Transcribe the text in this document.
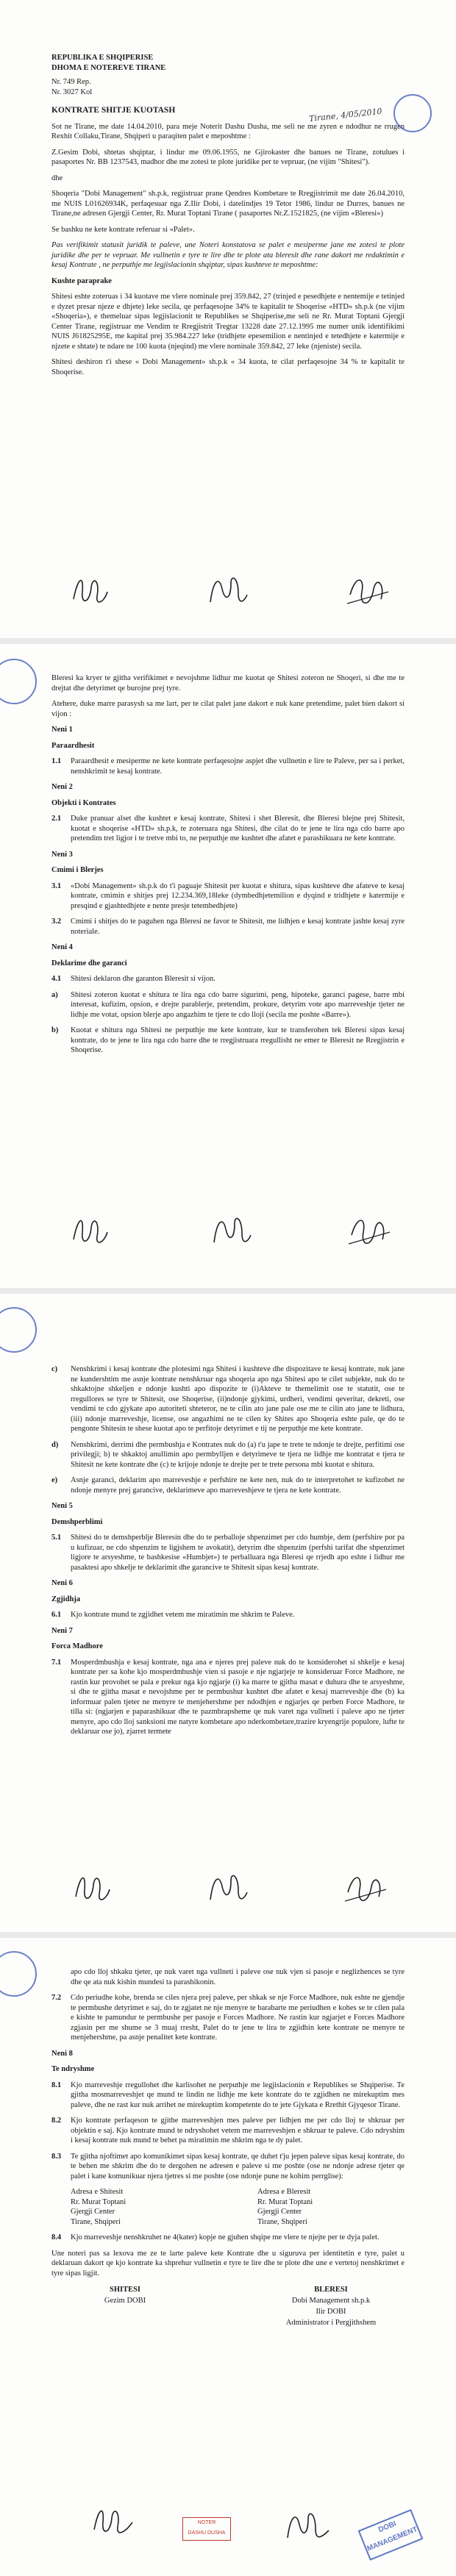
REPUBLIKA E SHQIPERISE
DHOMA E NOTEREVE TIRANE
Nr. 749 Rep.
Nr. 3027 Kol

KONTRATE SHITJE KUOTASH

Sot ne Tirane, me date 14.04.2010, para meje Noterit Dashu Dusha, me seli ne me zyren e ndodhur ne rrugen Rexhit Collaku,Tirane, Shqiperi u paraqiten palet e meposhtme :

Z.Gesim Dobi, shtetas shqiptar, i lindur me 09.06.1955, ne Gjirokaster dhe banues ne Tirane, zotulues i pasaportes Nr. BB 1237543, madhor dhe me zotesi te plote juridike per te vepruar, (ne vijim "Shitesi").

dhe

Shoqeria "Dobi Management" sh.p.k, regjistruar prane Qendres Kombetare te Rregjistrimit me date 26.04.2010, me NUIS L01626934K, perfaqesuar nga Z.Ilir Dobi, i datelindjes 19 Tetor 1986, lindur ne Durres, banues ne Tirane,ne adresen Gjergji Center, Rr. Murat Toptani Tirane ( pasaportes Nr.Z.1521825, (ne vijim «Bleresi»)

Se bashku ne kete kontrate referuar si «Palet».

Pas verifikimit statusit juridik te paleve, une Noteri konstatova se palet e mesiperme jane me zotesi te plote juridike dhe per te vepruar. Me vullnetin e tyre te lire dhe te plote ata bleresit dhe rane dakort me redaktimin e kesaj Kontrate , ne perputhje me legjislacionin shqiptar, sipas kushteve te meposhtme:

Kushte paraprake

Shitesi eshte zoteruas i 34 kuotave me vlere nominale prej 359.842, 27 (trinjed e pesedhjete e nentemije e tetinjed e dyzet presar njeze e dhjete) leke secila, qe perfaqesojne 34% te kapitalit te Shoqerise «HTD» sh.p.k (ne vijim «Shoqeria»), e themeluar sipas legjislacionit te Republikes se Shqiperise,me seli ne Rr. Murat Toptani Gjergji Center Tirane, regjistruar me Vendim te Rregjistrit Tregtar 13228 date 27.12.1995 me numer unik identifikimi NUIS J61825295E, me kapital prej 35.984.227 leke (tridhjete epesemilion e nentinjed e tetedhjete e katermije e njzete e shtate) te ndare ne 100 kuota (njeqind) me vlere nominale 359.842, 27 leke (njeniste) secila.

Shitesi deshiron t'i shese « Dobi Management» sh.p.k « 34 kuota, te cilat perfaqesojne 34 % te kapitalit te Shoqerise.

Tirane, 4/05/2010

Bleresi ka kryer te gjitha verifikimet e nevojshme lidhur me kuotat qe Shitesi zoteron ne Shoqeri, si dhe me te drejtat dhe detyrimet qe burojne prej tyre.

Atehere, duke marre parasysh sa me lart, per te cilat palet jane dakort e nuk kane pretendime, palet bien dakort si vijon :

Neni 1

Paraardhesit

1.1 Paraardhesit e mesiperme ne kete kontrate perfaqesojne aspjet dhe vullnetin e lire te Paleve, per sa i perket, nenshkrimit te kesaj kontrate.

Neni 2

Objekti i Kontrates

2.1 Duke pranuar alset dhe kushtet e kesaj kontrate, Shitesi i shet Bleresit, dhe Bleresi blejne prej Shitesit, kuotat e shoqerise «HTD» sh.p.k, te zoteruara nga Shitesi, dhe cilat do te jene te lira nga cdo barre apo pretendim tret ligjor i te tretve mbi to, ne perputhje me kushtet dhe afatet e parashikuara ne kete kontrate.

Neni 3

Cmimi i Blerjes

3.1 «Dobi Management» sh.p.k do t'i paguaje Shitesit per kuotat e shitura, sipas kushteve dhe afateve te kesaj kontrate, cmimin e shitjes prej 12.234.369,18leke (dymbedhjetemilion e dyqind e tridhjete e katermije e presqind e gjashtedhjete e nente presje tetembedhjete)
3.2 Cmimi i shitjes do te paguhen nga Bleresi ne favor te Shitesit, me lidhjen e kesaj kontrate jashte kesaj zyre noteriale.

Neni 4

Deklarime dhe garanci

4.1 Shitesi deklaron dhe garanton Bleresit si vijon.
a) Shitesi zoteron kuotat e shitura te lira nga cdo barre sigurimi, peng, hipoteke, garanci pagese, barre mbi interesat, kufizim, opsion, e drejte parablerje, pretendim, prokure, detyrim vote apo marreveshje tjeter ne lidhje me votat, opsion blerje apo angazhim te tjere te cdo lloji (secila me poshte «Barre»).
b) Kuotat e shitura nga Shitesi ne perputhje me kete kontrate, kur te transferohen tek Bleresi sipas kesaj kontrate, do te jene te lira nga cdo barre dhe te rregjistruara rregullisht ne emer te Bleresit ne Rregjistrin e Shoqerise.
c) Nenshkrimi i kesaj kontrate dhe plotesimi nga Shitesi i kushteve dhe dispozitave te kesaj kontrate, nuk jane ne kundershtim me asnje kontrate nenshkruar nga shoqeria apo nga Shitesi apo te cilet subjekte, nuk do te shkaktojne shkeljen e ndonje kushti apo dispozite te (i)Akteve te themelimit ose te statutit, ose te rregullores se tyre te Shitesit, ose Shoqerise, (ii)ndonje gjykimi, urdheri, vendimi qeveritar, dekreti, ose vendimi te cdo gjykate apo autoriteti shteteror, ne te cilin ato jane pale ose me te cilin ato jane te lidhura, (iii) ndonje marreveshje, license, ose angazhimi ne te cilen ky Shites apo Shoqeria eshte pale, qe do te pengonte Shitesin te shese kuotat apo te perfitoje detyrimet e tij ne perputhje me kete kontrate.
d) Nenshkrimi, derrimi dhe permbushja e Kontrates nuk do (a) t'u jape te trete te ndonje te drejte, perfitimi ose privilegji; b) te shkaktoj anullimin apo permbylljen e detyrimeve te tjera ne lidhje me kontratat e tjera te Shitesit ne kete kontrate dhe (c) te krijoje ndonje te drejte per te trete persona mbi kuotat e shitura.
e) Asnje garanci, deklarim apo marreveshje e perfshire ne kete nen, nuk do te interpretohet te kufizohet ne ndonje menyre prej garancive, deklarimeve apo marreveshjeve te tjera ne kete kontrate.

Neni 5

Demshperblimi

5.1 Shitesi do te demshperblje Bleresin dhe do te perballoje shpenzimet per cdo humbje, dem (perfshire por pa u kufizuar, ne cdo shpenzim te ligjshem te avokatit), detyrim dhe shpenzim (perfshi tarifat dhe shpenzimet ligjore te arsyeshme, te bashkesise «Humbjet») te perballuara nga Bleresi qe rrjedh apo eshte i lidhur me pasaktesi apo shkelje te deklarimit dhe garancive te Shitesit sipas kesaj kontrate.

Neni 6

Zgjidhja

6.1 Kjo kontrate mund te zgjidhet vetem me miratimin me shkrim te Paleve.

Neni 7

Forca Madhore

7.1 Mosperdmbushja e kesaj kontrate, nga ana e njeres prej paleve nuk do te konsiderohet si shkelje e kesaj kontrate per sa kohe kjo mosperdmbushje vien si pasoje e nje ngjarjeje te konsideruar Force Madhore, ne rastin kur provohet se pala e prekur nga kjo ngjarje (i) ka marre te gjitha masat e duhura dhe te arsyeshme, si dhe te gjitha masat e nevojshme per te permbushur kushtet dhe afatet e kesaj marreveshje dhe (b) ka informuar palen tjeter ne menyre te menjehershme per ndodhjen e ngjarjes qe perben Force Madhore, te tilla si: (ngjarjen e paparashikuar dhe te pazmbrapsheme qe nuk varet nga vullneti i paleve apo ne tjeter menyre, apo cdo lloj sanksioni me natyre kombetare apo nderkombetare,trazire kryengrije populore, lufte te deklaruar ose jo), zjarret termete
apo cdo lloj shkaku tjeter, qe nuk varet nga vullneti i paleve ose nuk vjen si pasoje e neglizhences se tyre dhe qe ata nuk kishin mundesi ta parashikonin.
7.2 Cdo periudhe kohe, brenda se ciles njera prej paleve, per shkak se nje Force Madhore, nuk eshte ne gjendje te permbushe detyrimet e saj, do te zgjatet ne nje menyre te barabarte me periudhen e kohes se te cilen pala e kishte te pamundur te permbushe per pasoje e Forces Madhore. Ne rastin kur ngjarjet e Forces Madhore zgjasin per me shume se 3 muaj rresht, Palet do te jene te lira te zgjidhin kete kontrate ne menyre te menjehershme, pa asnje penalitet kete kontrate.

Neni 8

Te ndryshme

8.1 Kjo marreveshje rregullohet dhe karlisohet ne perputhje me legjislacionin e Republikes se Shqiperise. Te gjitha mosmarreveshjet qe mund te lindin ne lidhje me kete kontrate do te zgjidhen ne mirekuptim mes paleve, dhe ne rast kur nuk arrihet ne mirekuptim kompetente do te jete Gjykata e Rrethit Gjyqesor Tirane.
8.2 Kjo kontrate perfaqeson te gjithe marreveshjen mes paleve per lidhjen me per cdo lloj te shkruar per objektin e saj. Kjo kontrate mund te ndryshohet vetem me marreveshjen e shkruar te paleve. Cdo ndryshim i kesaj kontrate nuk mund te behet pa miratimin me shkrim nga te dy palet.
8.3 Te gjitha njoftimet apo komunikimet sipas kesaj kontrate, qe duhet t'ju jepen paleve sipas kesaj kontrate, do te behen me shkrim dhe do te dergohen ne adresen e paleve si me poshte (ose ne ndonje adrese tjeter qe palet i kane komunikuar njera tjetres si me poshte (ose ndonje pune ne kohim perrglise):
Adresa e Shitesit
Rr. Murat Toptani
Gjergji Center
Tirane, Shqiperi
Adresa e Bleresit
Rr. Murat Toptani
Gjergji Center
Tirane, Shqiperi
8.4 Kjo marreveshje nenshkruhet ne 4(kater) kopje ne gjuhen shqipe me vlere te njejte per te dyja palet.

Une noteri pas sa lexova me ze te larte paleve kete Kontrate dhe u siguruva per identitetin e tyre, palet u deklaruan dakort qe kjo kontrate ka shprehur vullnetin e tyre te lire dhe te plote dhe une e vertetoj nenshkrimet e tyre sipas ligjit.

SHITESI
Gezim DOBI
BLERESI
Dobi Management sh.p.k
Ilir DOBI
Administrator i Pergjithshem
NOTER
DASHU DUSHA	DOBI MANAGEMENT
